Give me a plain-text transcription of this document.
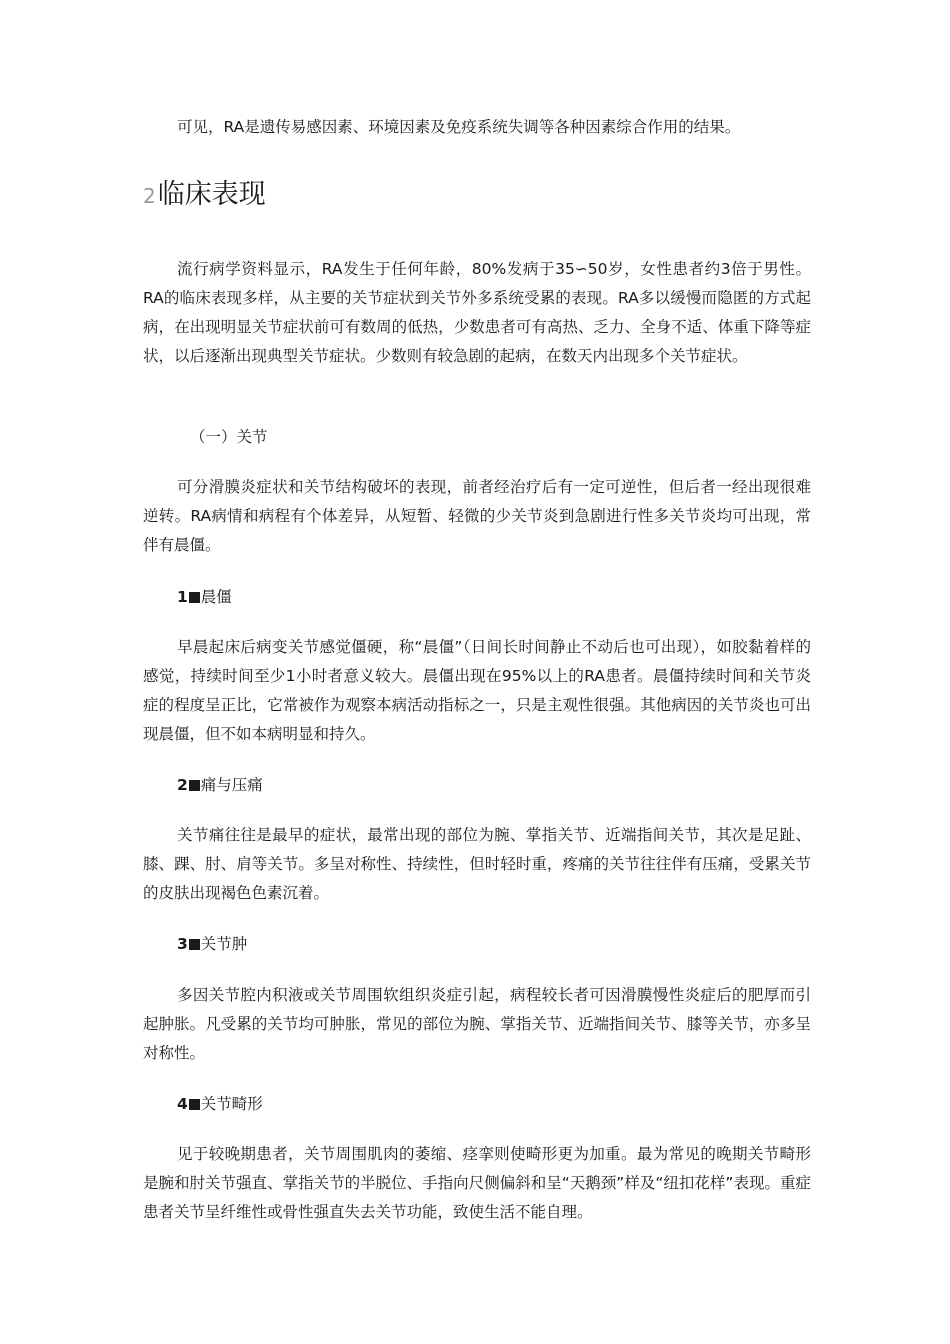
可见，RA是遗传易感因素、环境因素及免疫系统失调等各种因素综合作用的结果。

2临床表现

流行病学资料显示，RA发生于任何年龄，80%发病于35∽50岁，女性患者约3倍于男性。RA的临床表现多样，从主要的关节症状到关节外多系统受累的表现。RA多以缓慢而隐匿的方式起病，在出现明显关节症状前可有数周的低热，少数患者可有高热、乏力、全身不适、体重下降等症状，以后逐渐出现典型关节症状。少数则有较急剧的起病，在数天内出现多个关节症状。

（一）关节

可分滑膜炎症状和关节结构破坏的表现，前者经治疗后有一定可逆性，但后者一经出现很难逆转。RA病情和病程有个体差异，从短暂、轻微的少关节炎到急剧进行性多关节炎均可出现，常伴有晨僵。

1 晨僵

早晨起床后病变关节感觉僵硬，称“晨僵”（日间长时间静止不动后也可出现），如胶黏着样的感觉，持续时间至少1小时者意义较大。晨僵出现在95%以上的RA患者。晨僵持续时间和关节炎症的程度呈正比，它常被作为观察本病活动指标之一，只是主观性很强。其他病因的关节炎也可出现晨僵，但不如本病明显和持久。

2 痛与压痛

关节痛往往是最早的症状，最常出现的部位为腕、掌指关节、近端指间关节，其次是足趾、膝、踝、肘、肩等关节。多呈对称性、持续性，但时轻时重，疼痛的关节往往伴有压痛，受累关节的皮肤出现褐色色素沉着。

3 关节肿

多因关节腔内积液或关节周围软组织炎症引起，病程较长者可因滑膜慢性炎症后的肥厚而引起肿胀。凡受累的关节均可肿胀，常见的部位为腕、掌指关节、近端指间关节、膝等关节，亦多呈对称性。

4 关节畸形

见于较晚期患者，关节周围肌肉的萎缩、痉挛则使畸形更为加重。最为常见的晚期关节畸形是腕和肘关节强直、掌指关节的半脱位、手指向尺侧偏斜和呈“天鹅颈”样及“纽扣花样”表现。重症患者关节呈纤维性或骨性强直失去关节功能，致使生活不能自理。
